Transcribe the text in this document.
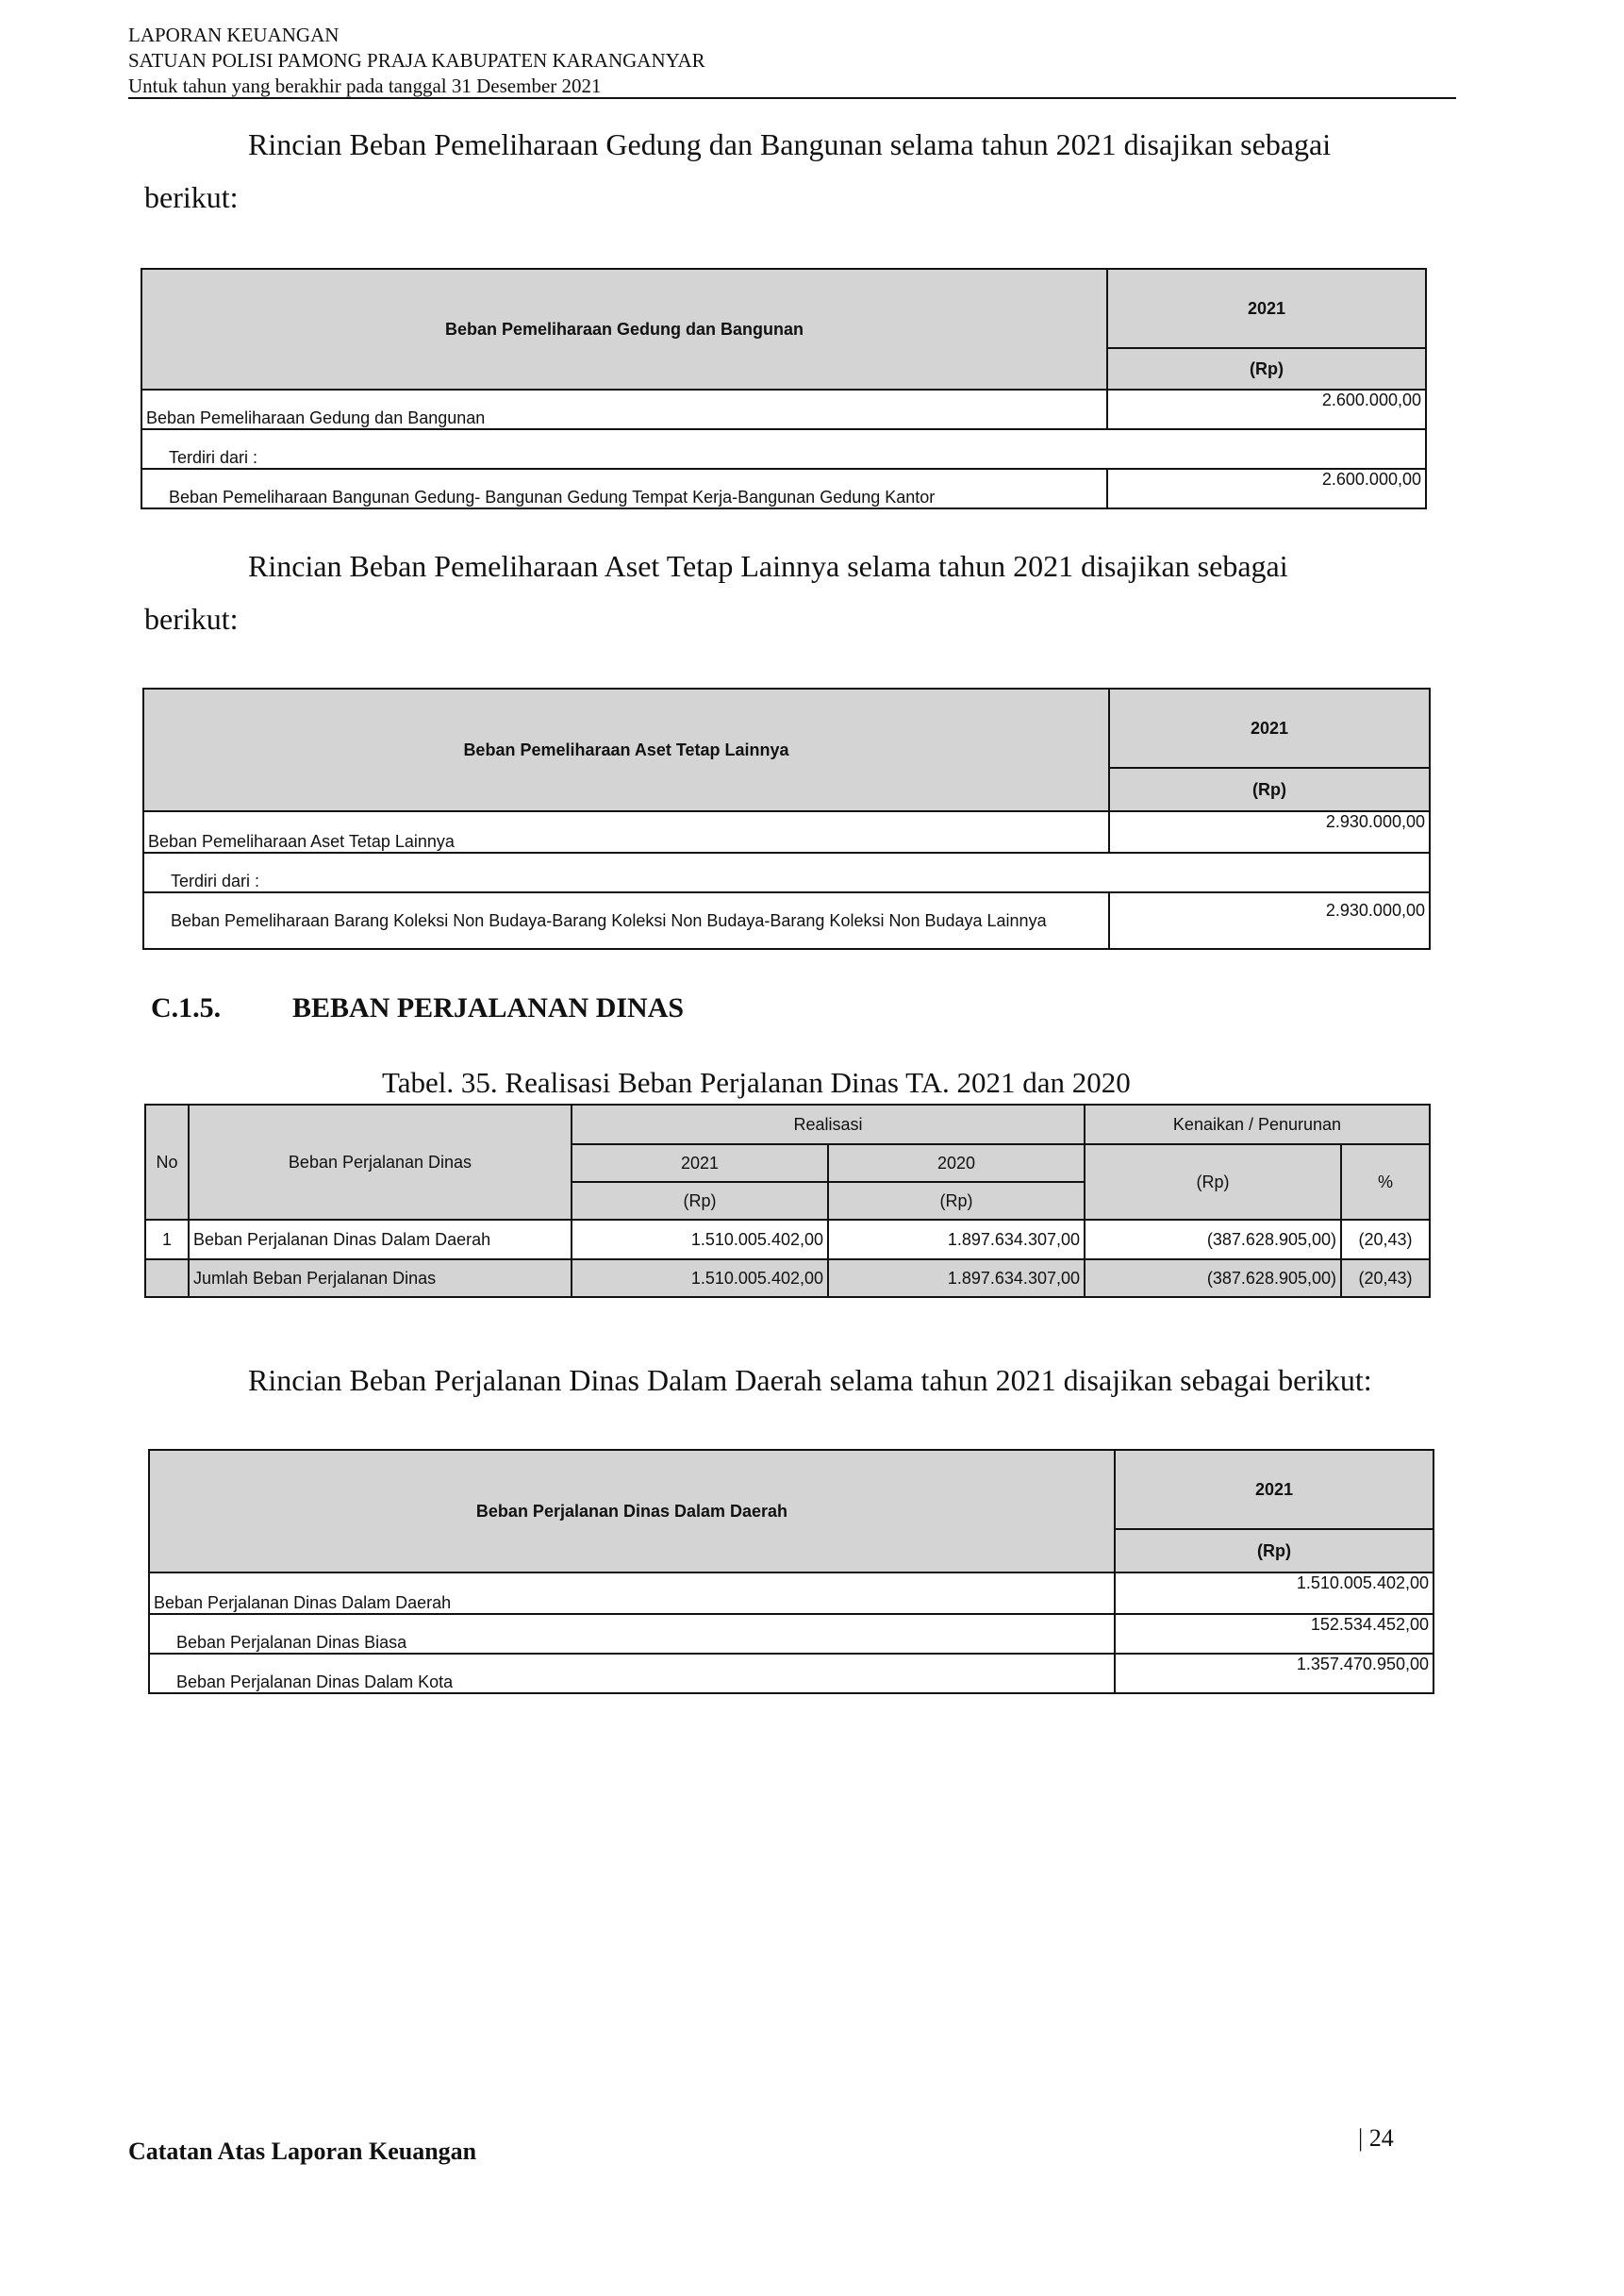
LAPORAN KEUANGAN
SATUAN POLISI PAMONG PRAJA KABUPATEN KARANGANYAR
Untuk tahun yang berakhir pada tanggal 31 Desember 2021
Rincian Beban Pemeliharaan Gedung dan Bangunan selama tahun 2021 disajikan sebagai
berikut:
Beban Pemeliharaan Gedung dan Bangunan	2021
	(Rp)
Beban Pemeliharaan Gedung dan Bangunan	2.600.000,00
Terdiri dari :	
Beban Pemeliharaan Bangunan Gedung- Bangunan Gedung Tempat Kerja-Bangunan Gedung Kantor	2.600.000,00
Rincian Beban Pemeliharaan Aset Tetap Lainnya selama tahun 2021 disajikan sebagai
berikut:
Beban Pemeliharaan Aset Tetap Lainnya	2021
	(Rp)
Beban Pemeliharaan Aset Tetap Lainnya	2.930.000,00
Terdiri dari :	
Beban Pemeliharaan Barang Koleksi Non Budaya-Barang Koleksi Non Budaya-Barang Koleksi Non Budaya Lainnya	2.930.000,00
C.1.5.	BEBAN PERJALANAN DINAS
Tabel. 35. Realisasi Beban Perjalanan Dinas TA. 2021 dan 2020
No	Beban Perjalanan Dinas	Realisasi		Kenaikan / Penurunan	
		2021	2020	(Rp)	%
		(Rp)	(Rp)		
1	Beban Perjalanan Dinas Dalam Daerah	1.510.005.402,00	1.897.634.307,00	(387.628.905,00)	(20,43)
	Jumlah Beban Perjalanan Dinas	1.510.005.402,00	1.897.634.307,00	(387.628.905,00)	(20,43)
Rincian Beban Perjalanan Dinas Dalam Daerah selama tahun 2021 disajikan sebagai berikut:
Beban Perjalanan Dinas Dalam Daerah	2021
	(Rp)
Beban Perjalanan Dinas Dalam Daerah	1.510.005.402,00
Beban Perjalanan Dinas Biasa	152.534.452,00
Beban Perjalanan Dinas Dalam Kota	1.357.470.950,00
Catatan Atas Laporan Keuangan	| 24
